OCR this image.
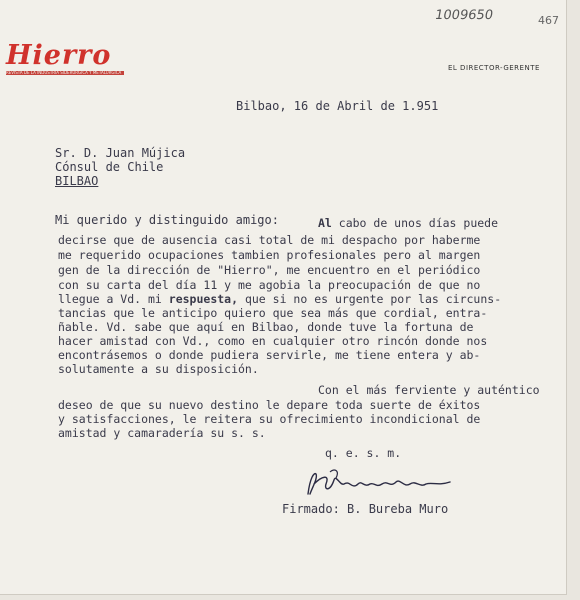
1009650	467
Hierro
REVISTA DE LA INDUSTRIA SIDERURGICA Y METALURGICA
EL DIRECTOR-GERENTE
Bilbao, 16 de Abril de 1.951
Sr. D. Juan Mújica
Cónsul de Chile
BILBAO
Mi querido y distinguido amigo:	Al cabo de unos días puede
decirse que de ausencia casi total de mi despacho por haberme
me requerido ocupaciones tambien profesionales pero al margen
gen de la dirección de "Hierro", me encuentro en el periódico
con su carta del día 11 y me agobia la preocupación de que no
llegue a Vd. mi respuesta, que si no es urgente por las circuns-
tancias que le anticipo quiero que sea más que cordial, entra-
ñable. Vd. sabe que aquí en Bilbao, donde tuve la fortuna de
hacer amistad con Vd., como en cualquier otro rincón donde nos
encontrásemos o donde pudiera servirle, me tiene entera y ab-
solutamente a su disposición.
Con el más ferviente y auténtico
deseo de que su nuevo destino le depare toda suerte de éxitos
y satisfacciones, le reitera su ofrecimiento incondicional de
amistad y camaradería su s. s.
q. e. s. m.
Firmado: B. Bureba Muro
